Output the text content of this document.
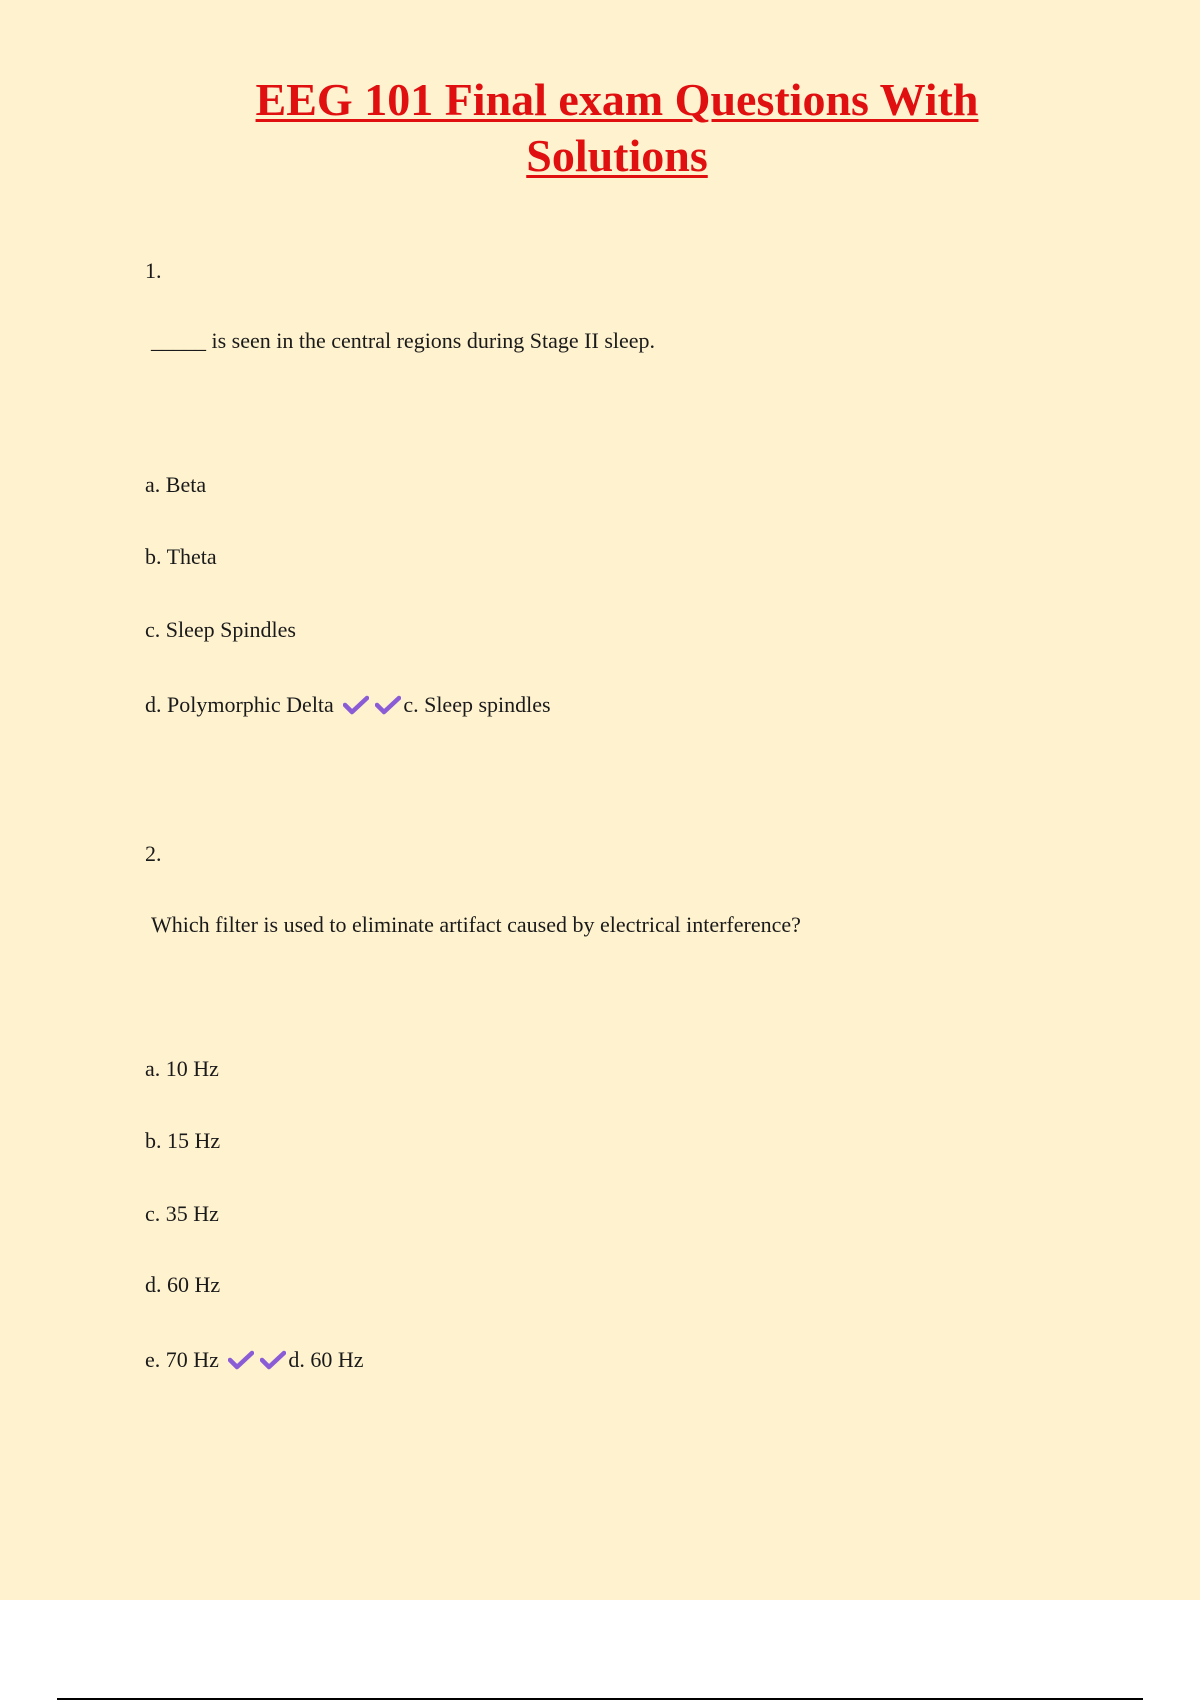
EEG 101 Final exam Questions With
Solutions

1.

_____ is seen in the central regions during Stage II sleep.

a. Beta

b. Theta

c. Sleep Spindles

d. Polymorphic Delta	c. Sleep spindles

2.

Which filter is used to eliminate artifact caused by electrical interference?

a. 10 Hz

b. 15 Hz

c. 35 Hz

d. 60 Hz

e. 70 Hz	d. 60 Hz
